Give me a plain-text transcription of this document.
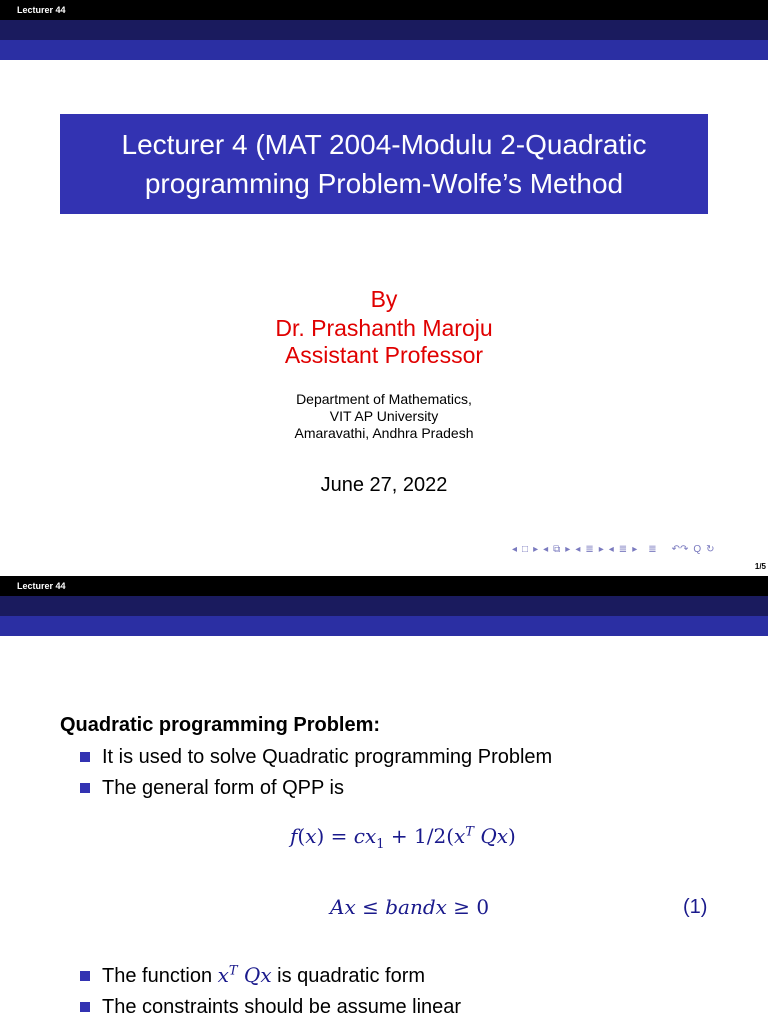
Lecturer 44
Lecturer 4 (MAT 2004-Modulu 2-Quadratic
programming Problem-Wolfe’s Method
By
Dr. Prashanth Maroju
Assistant Professor
Department of Mathematics,
VIT AP University
Amaravathi, Andhra Pradesh
June 27, 2022
◂ □ ▸ ◂ ⧉ ▸ ◂ ≣ ▸ ◂ ≣ ▸ ≣ ↶↷ Q ↻
1/5
Lecturer 44
Quadratic programming Problem:
It is used to solve Quadratic programming Problem
The general form of QPP is
$f(x) = cx_1 + 1/2(x^T$ Qx)
Ax ≤ bandx ≥ 0	(1)
The function $x^T$ Qx is quadratic form
The constraints should be assume linear
